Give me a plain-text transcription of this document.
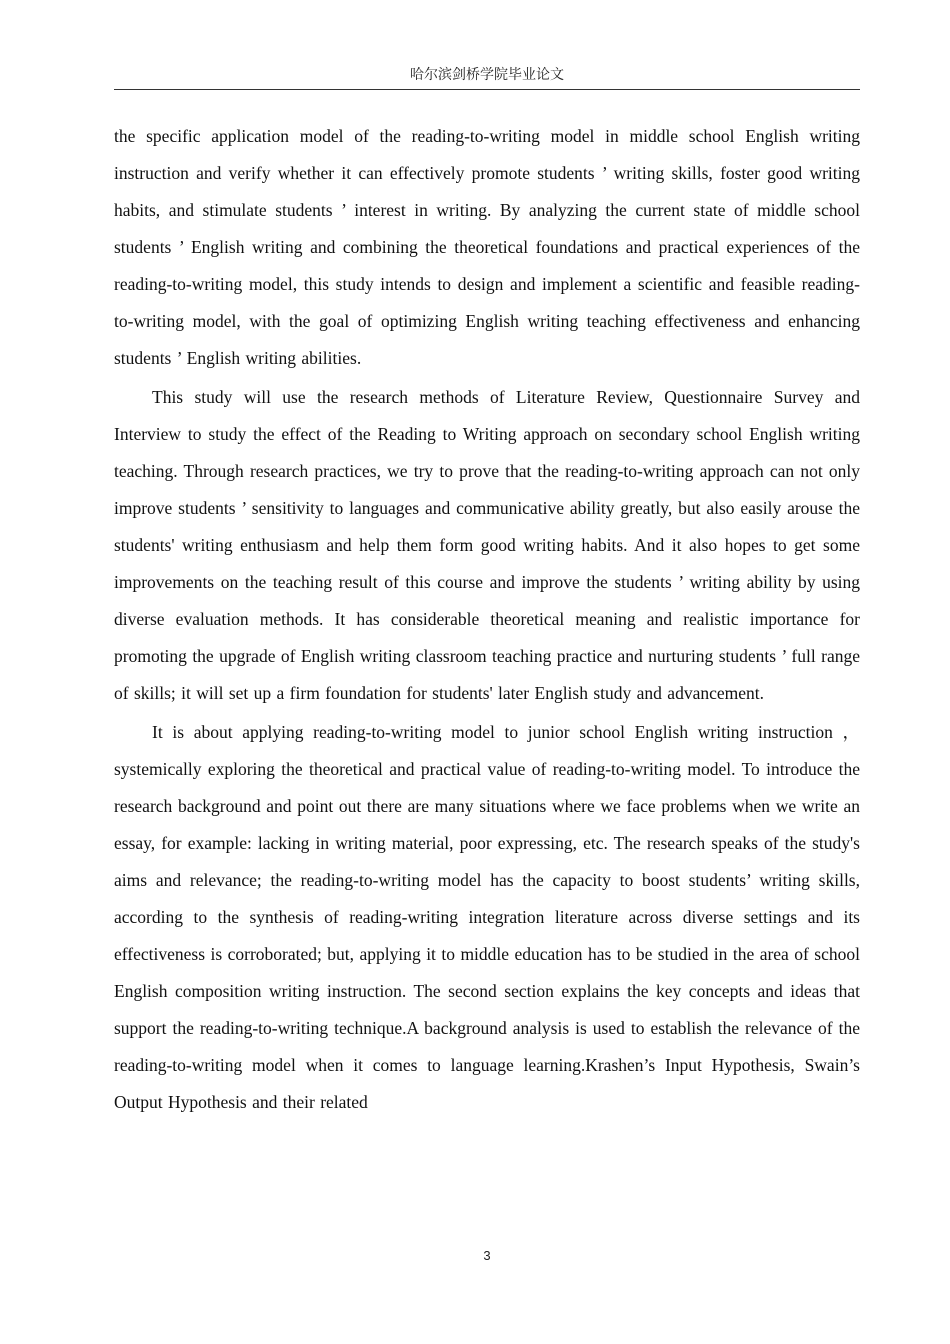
哈尔滨剑桥学院毕业论文

the specific application model of the reading-to-writing model in middle school English writing instruction and verify whether it can effectively promote students ’ writing skills, foster good writing habits, and stimulate students ’ interest in writing. By analyzing the current state of middle school students ’ English writing and combining the theoretical foundations and practical experiences of the reading-to-writing model, this study intends to design and implement a scientific and feasible reading-to-writing model, with the goal of optimizing English writing teaching effectiveness and enhancing students ’ English writing abilities.

This study will use the research methods of Literature Review, Questionnaire Survey and Interview to study the effect of the Reading to Writing approach on secondary school English writing teaching. Through research practices, we try to prove that the reading-to-writing approach can not only improve students ’ sensitivity to languages and communicative ability greatly, but also easily arouse the students' writing enthusiasm and help them form good writing habits. And it also hopes to get some improvements on the teaching result of this course and improve the students ’ writing ability by using diverse evaluation methods. It has considerable theoretical meaning and realistic importance for promoting the upgrade of English writing classroom teaching practice and nurturing students ’ full range of skills; it will set up a firm foundation for students' later English study and advancement.

It is about applying reading-to-writing model to junior school English writing instruction ， systemically exploring the theoretical and practical value of reading-to-writing model. To introduce the research background and point out there are many situations where we face problems when we write an essay, for example: lacking in writing material, poor expressing, etc. The research speaks of the study's aims and relevance; the reading-to-writing model has the capacity to boost students’ writing skills, according to the synthesis of reading-writing integration literature across diverse settings and its effectiveness is corroborated; but, applying it to middle education has to be studied in the area of school English composition writing instruction. The second section explains the key concepts and ideas that support the reading-to-writing technique.A background analysis is used to establish the relevance of the reading-to-writing model when it comes to language learning.Krashen’s Input Hypothesis, Swain’s Output Hypothesis and their related

3
